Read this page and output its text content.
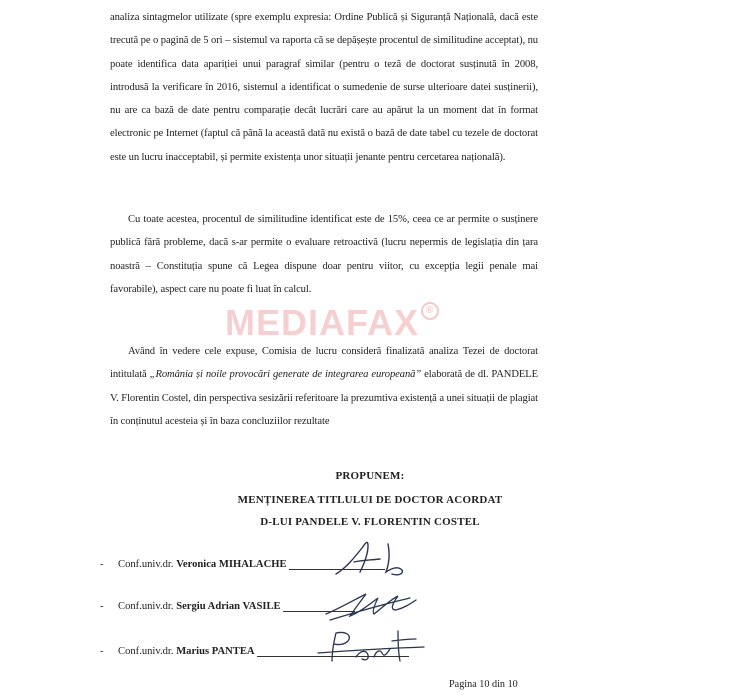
analiza sintagmelor utilizate (spre exemplu expresia: Ordine Publică și Siguranță Națională, dacă este trecută pe o pagină de 5 ori – sistemul va raporta că se depășește procentul de similitudine acceptat), nu poate identifica data apariției unui paragraf similar (pentru o teză de doctorat susținută în 2008, introdusă la verificare în 2016, sistemul a identificat o sumedenie de surse ulterioare datei susținerii), nu are ca bază de date pentru comparație decât lucrări care au apărut la un moment dat în format electronic pe Internet (faptul că până la această dată nu există o bază de date tabel cu tezele de doctorat este un lucru inacceptabil, și permite existența unor situații jenante pentru cercetarea națională).
Cu toate acestea, procentul de similitudine identificat este de 15%, ceea ce ar permite o susținere publică fără probleme, dacă s-ar permite o evaluare retroactivă (lucru nepermis de legislația din țara noastră – Constituția spune că Legea dispune doar pentru viitor, cu excepția legii penale mai favorabile), aspect care nu poate fi luat în calcul.
Având în vedere cele expuse, Comisia de lucru consideră finalizată analiza Tezei de doctorat intitulată „România și noile provocări generate de integrarea europeană” elaborată de dl. PANDELE V. Florentin Costel, din perspectiva sesizării referitoare la prezumtiva existență a unei situații de plagiat în conținutul acesteia și în baza concluziilor rezultate
MEDIAFAX ®
PROPUNEM:
MENȚINEREA TITLULUI DE DOCTOR ACORDAT
D-LUI PANDELE V. FLORENTIN COSTEL
- Conf.univ.dr. Veronica MIHALACHE
- Conf.univ.dr. Sergiu Adrian VASILE
- Conf.univ.dr. Marius PANTEA
Pagina 10 din 10
